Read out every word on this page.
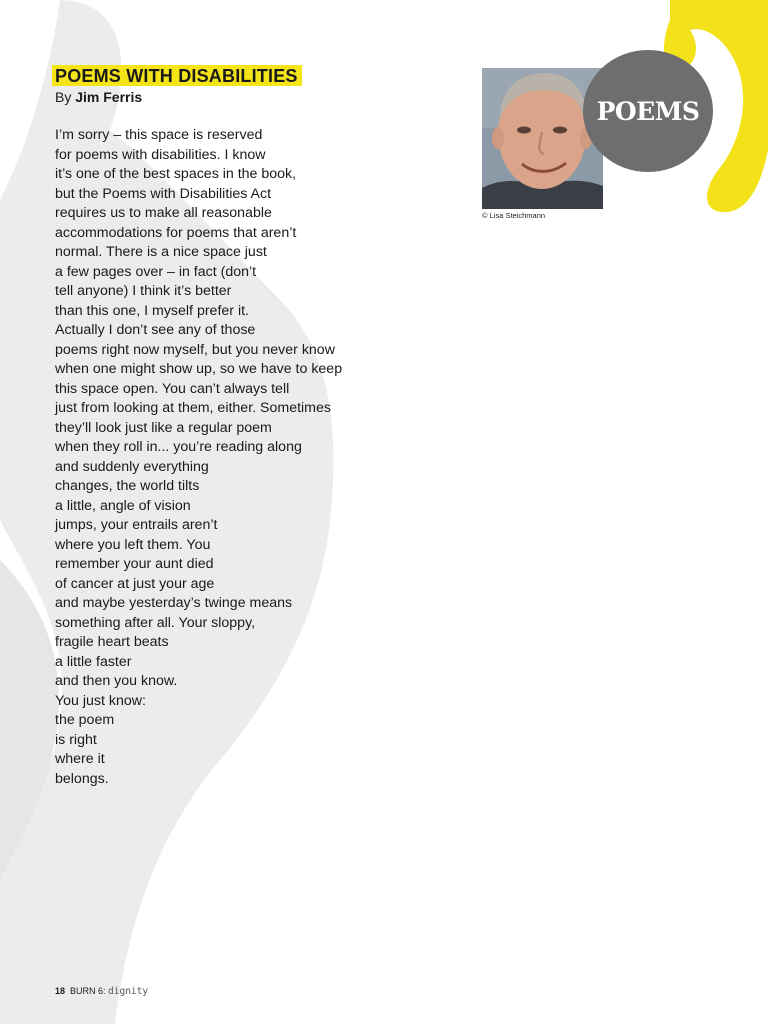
POEMS WITH DISABILITIES
By Jim Ferris
I’m sorry – this space is reserved
for poems with disabilities. I know
it’s one of the best spaces in the book,
but the Poems with Disabilities Act
requires us to make all reasonable
accommodations for poems that aren’t
normal. There is a nice space just
a few pages over – in fact (don’t
tell anyone) I think it’s better
than this one, I myself prefer it.
Actually I don’t see any of those
poems right now myself, but you never know
when one might show up, so we have to keep
this space open. You can’t always tell
just from looking at them, either. Sometimes
they’ll look just like a regular poem
when they roll in... you’re reading along
and suddenly everything
changes, the world tilts
a little, angle of vision
jumps, your entrails aren’t
where you left them. You
remember your aunt died
of cancer at just your age
and maybe yesterday’s twinge means
something after all. Your sloppy,
fragile heart beats
a little faster
and then you know.
You just know:
the poem
is right
where it
belongs.
© Lisa Steichmann
POEMS
18 BURN 6: dignity
